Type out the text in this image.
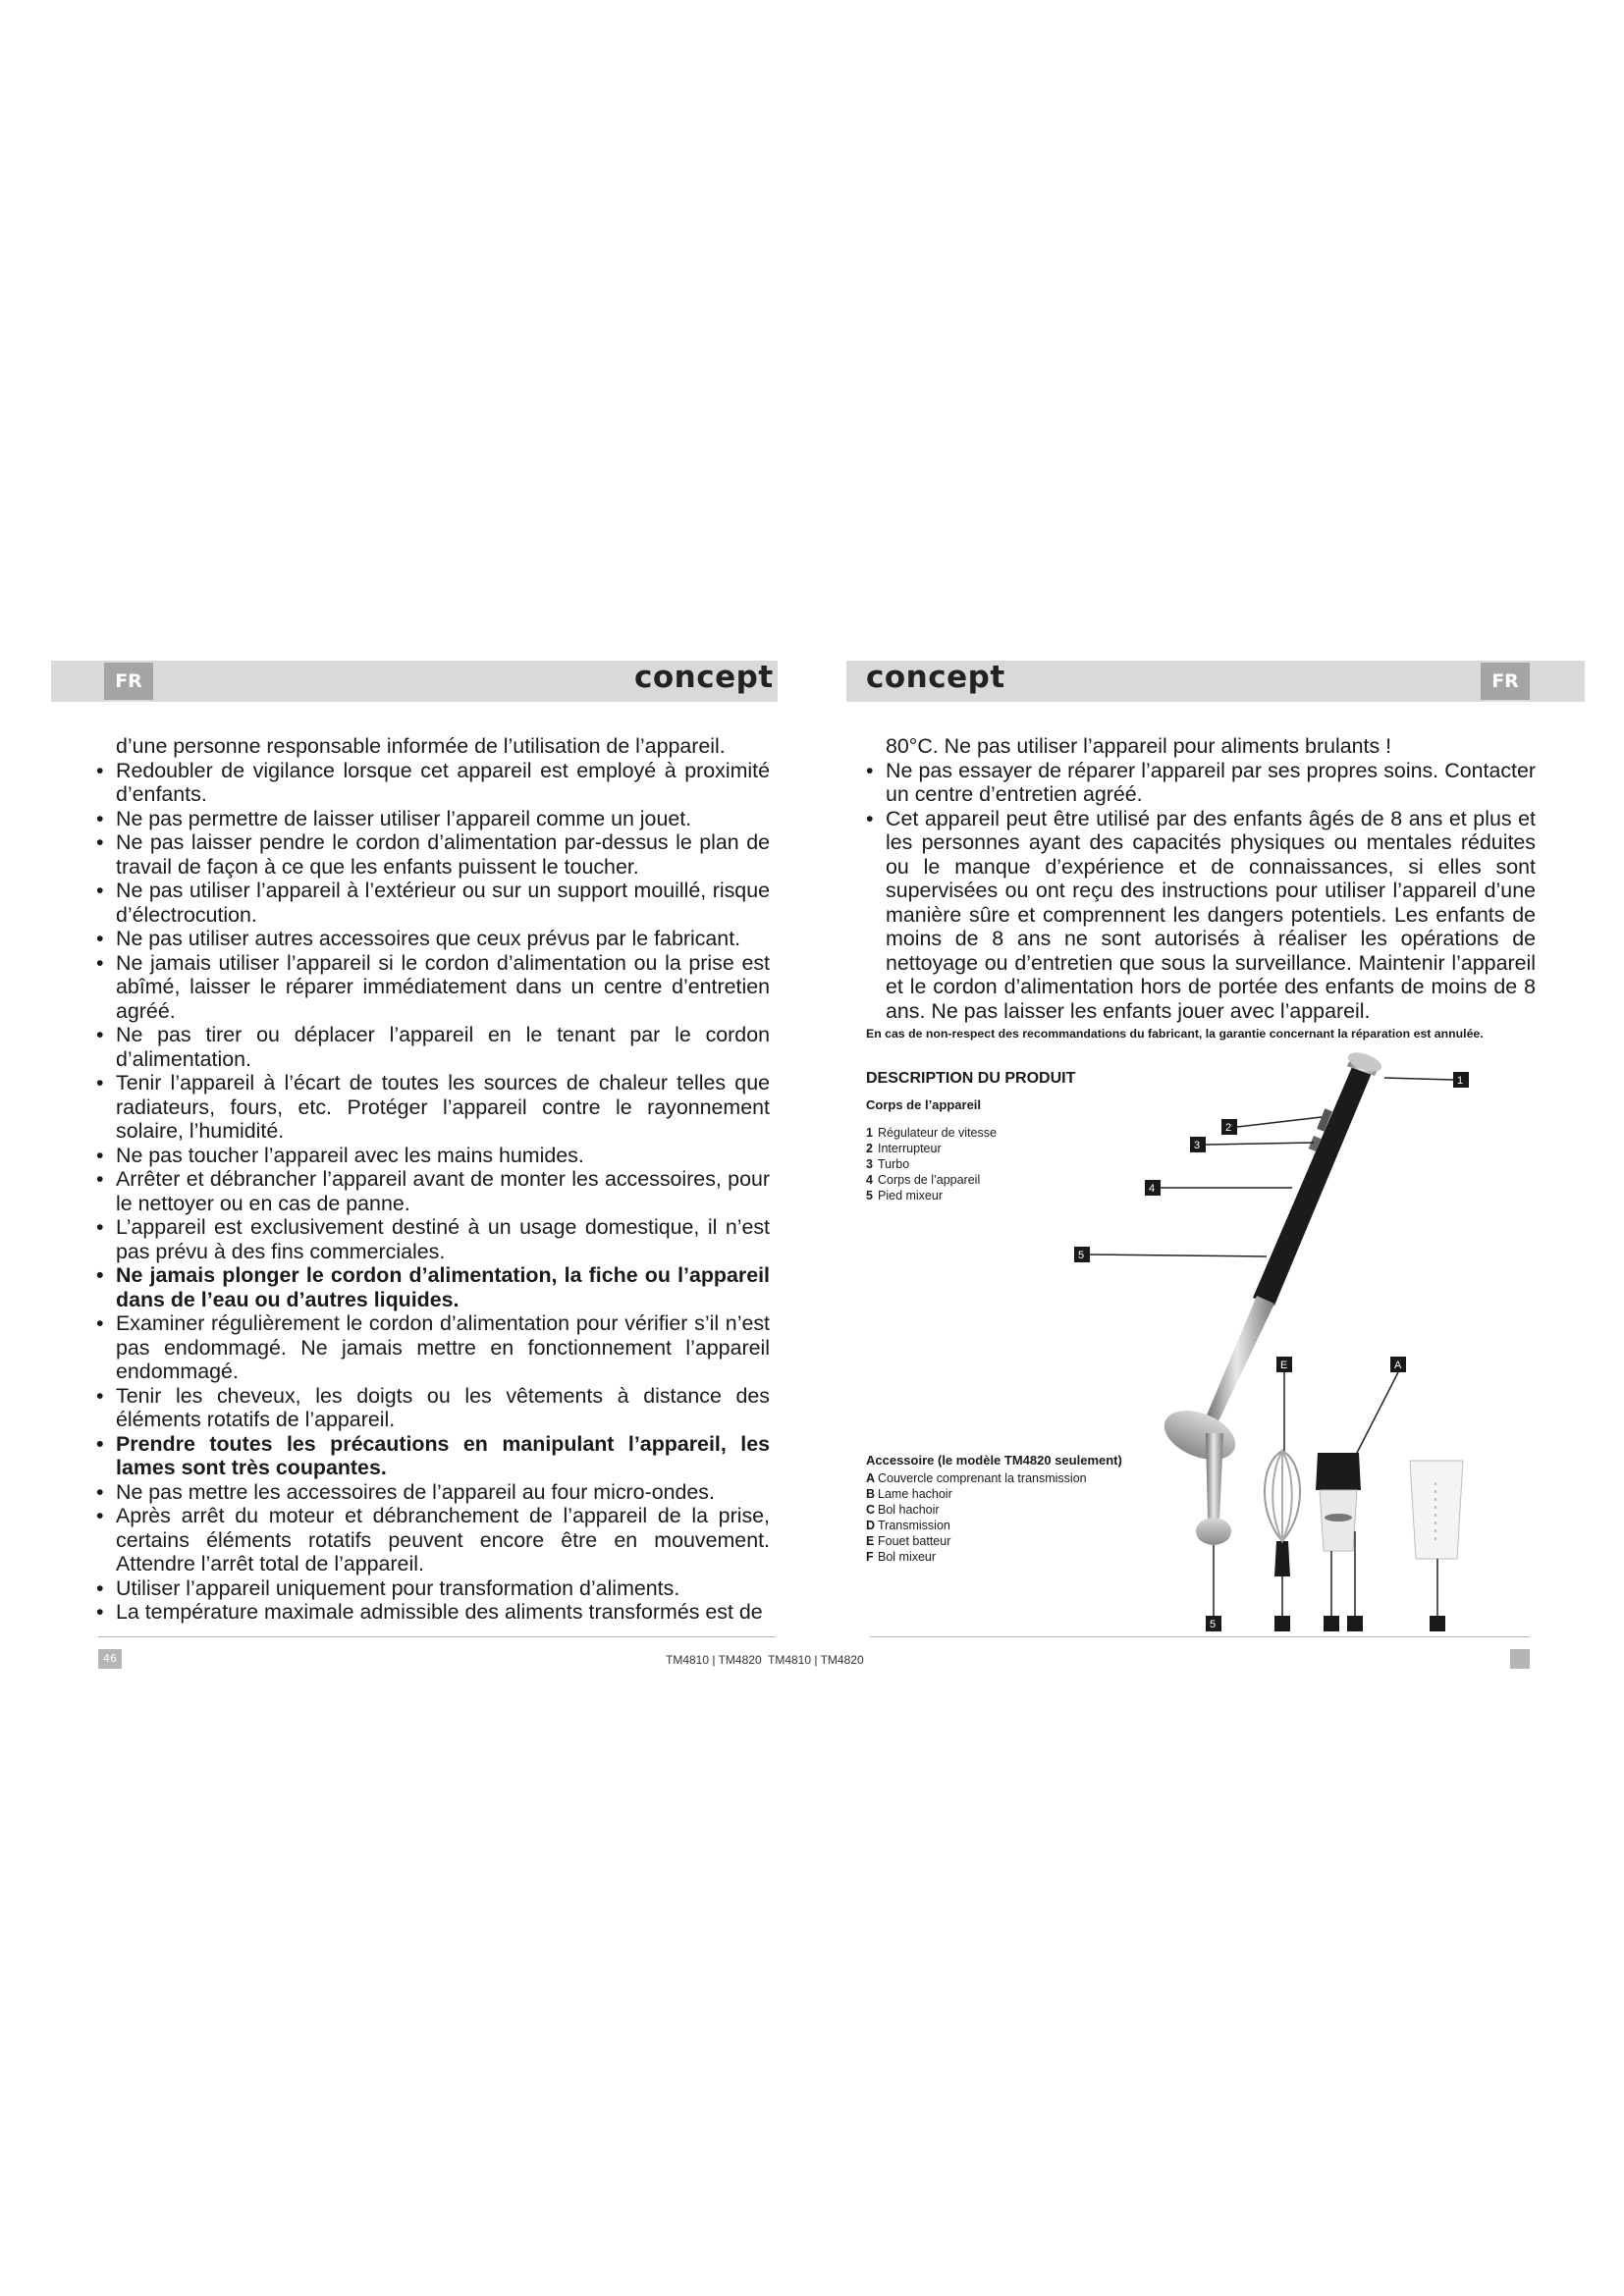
FR	FR
concept	concept

d’une personne responsable informée de l’utilisation de l’appareil.

• Redoubler de vigilance lorsque cet appareil est employé à proximité d’enfants.
• Ne pas permettre de laisser utiliser l’appareil comme un jouet.
• Ne pas laisser pendre le cordon d’alimentation par-dessus le plan de travail de façon à ce que les enfants puissent le toucher.
• Ne pas utiliser l’appareil à l’extérieur ou sur un support mouillé, risque d’électrocution.
• Ne pas utiliser autres accessoires que ceux prévus par le fabricant.
• Ne jamais utiliser l’appareil si le cordon d’alimentation ou la prise est abîmé, laisser le réparer immédiatement dans un centre d’entretien agréé.
• Ne pas tirer ou déplacer l’appareil en le tenant par le cordon d’alimentation.
• Tenir l’appareil à l’écart de toutes les sources de chaleur telles que radiateurs, fours, etc. Protéger l’appareil contre le rayonnement solaire, l’humidité.
• Ne pas toucher l’appareil avec les mains humides.
• Arrêter et débrancher l’appareil avant de monter les accessoires, pour le nettoyer ou en cas de panne.
• L’appareil est exclusivement destiné à un usage domestique, il n’est pas prévu à des fins commerciales.
• Ne jamais plonger le cordon d’alimentation, la fiche ou l’appareil dans de l’eau ou d’autres liquides.
• Examiner régulièrement le cordon d’alimentation pour vérifier s’il n’est pas endommagé. Ne jamais mettre en fonctionnement l’appareil endommagé.
• Tenir les cheveux, les doigts ou les vêtements à distance des éléments rotatifs de l’appareil.
• Prendre toutes les précautions en manipulant l’appareil, les lames sont très coupantes.
• Ne pas mettre les accessoires de l’appareil au four micro-ondes.
• Après arrêt du moteur et débranchement de l’appareil de la prise, certains éléments rotatifs peuvent encore être en mouvement. Attendre l’arrêt total de l’appareil.
• Utiliser l’appareil uniquement pour transformation d’aliments.
• La température maximale admissible des aliments transformés est de

80°C. Ne pas utiliser l’appareil pour aliments brulants !

• Ne pas essayer de réparer l’appareil par ses propres soins. Contacter un centre d’entretien agréé.
• Cet appareil peut être utilisé par des enfants âgés de 8 ans et plus et les personnes ayant des capacités physiques ou mentales réduites ou le manque d’expérience et de connaissances, si elles sont supervisées ou ont reçu des instructions pour utiliser l’appareil d’une manière sûre et comprennent les dangers potentiels. Les enfants de moins de 8 ans ne sont autorisés à réaliser les opérations de nettoyage ou d’entretien que sous la surveillance. Maintenir l’appareil et le cordon d’alimentation hors de portée des enfants de moins de 8 ans. Ne pas laisser les enfants jouer avec l’appareil.
En cas de non-respect des recommandations du fabricant, la garantie concernant la réparation est annulée.
DESCRIPTION DU PRODUIT
Corps de l’appareil
1 Régulateur de vitesse
2 Interrupteur
3 Turbo
4 Corps de l’appareil
5 Pied mixeur
Accessoire (le modèle TM4820 seulement)
A Couvercle comprenant la transmission
B Lame hachoir
C Bol hachoir
D Transmission
E Fouet batteur
F Bol mixeur
1
2
3
4
5
E	A
5
46	TM4810 | TM4820 TM4810 | TM4820
